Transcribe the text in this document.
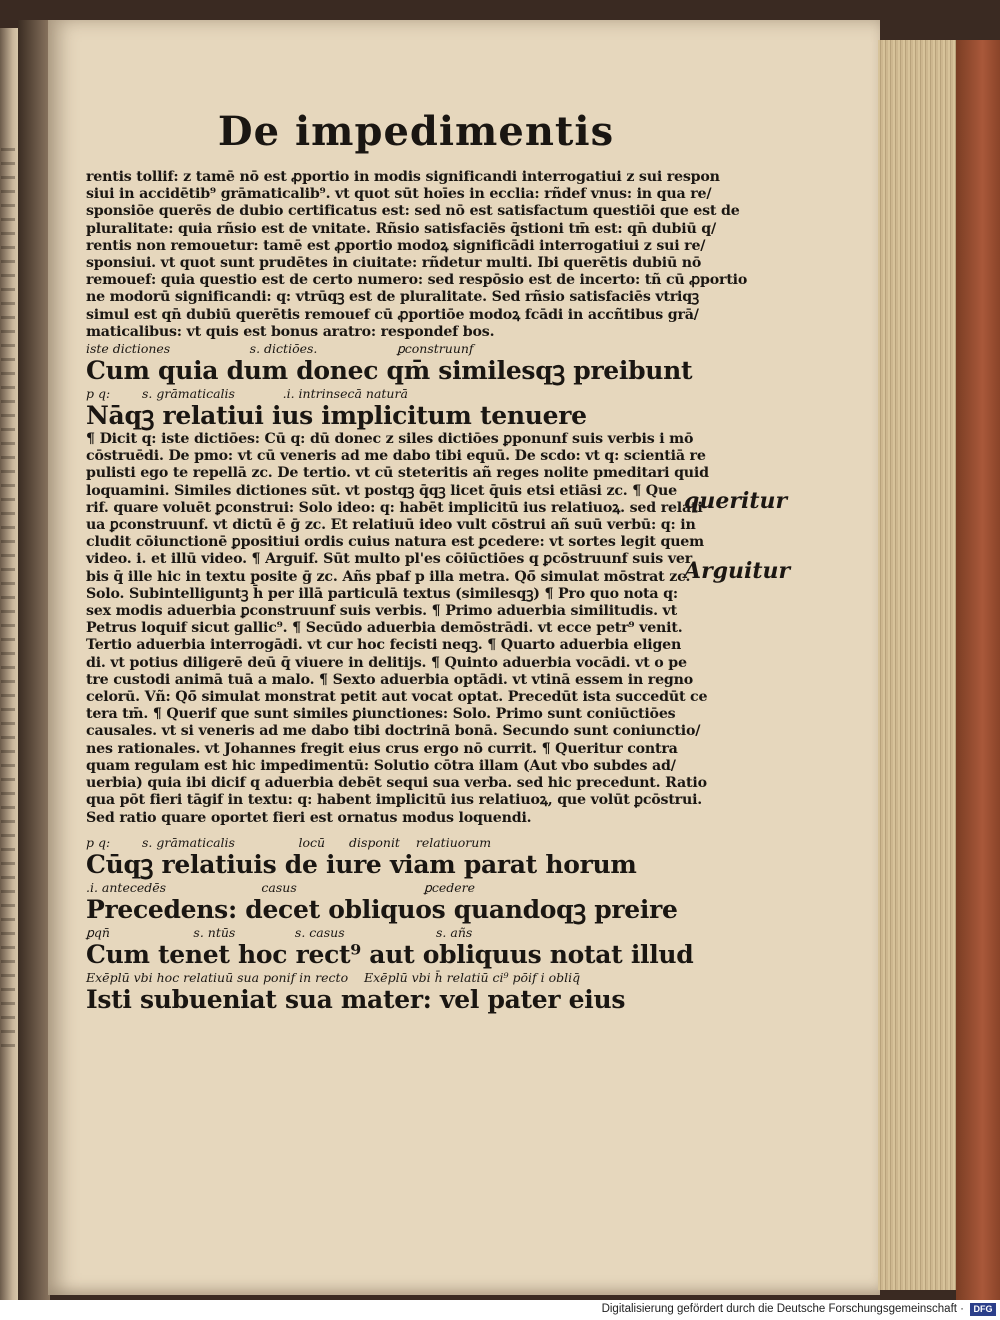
De impedimentis

rentis tollif: z tamē nō est ꝓportio in modis significandi interrogatiui z sui respon

siui in accidētib⁹ grāmaticalib⁹. vt quot sūt hoīes in ecclia: rñdef vnus: in qua re/

sponsiōe querēs de dubio certificatus est: sed nō est satisfactum questiōi que est de

pluralitate: quia rñsio est de vnitate. Rñsio satisfaciēs q̄stioni tm̄ est: qn̄ dubiū q/

rentis non remouetur: tamē est ꝓportio modoꝝ significādi interrogatiui z sui re/

sponsiui. vt quot sunt prudētes in ciuitate: rñdetur multi. Ibi querētis dubiū nō

remouef: quia questio est de certo numero: sed respōsio est de incerto: tñ cū ꝓportio

ne modorū significandi: q: vtrūqꝫ est de pluralitate. Sed rñsio satisfaciēs vtriqꝫ

simul est qn̄ dubiū querētis remouef cū ꝓportiōe modoꝝ fcādi in accñtibus grā/

maticalibus: vt quis est bonus aratro: respondef bos.

iste dictiones                    s. dictiōes.                    ꝑconstruunf
Cum quia dum donec qm̄ similesqꝫ preibunt
p q:        s. grāmaticalis            .i. intrinsecā naturā
Nāqꝫ relatiui ius implicitum tenuere

¶ Dicit q: iste dictiōes: Cū q: dū donec z siles dictiōes ꝑponunf suis verbis i mō

cōstruēdi. De pmo: vt cū veneris ad me dabo tibi equū. De scdo: vt q: scientiā re

pulisti ego te repellā zc. De tertio. vt cū steteritis añ reges nolite pmeditari quid

loquamini. Similes dictiones sūt. vt postqꝫ q̄qꝫ licet q̄uis etsi etiāsi zc. ¶ Que

rif. quare voluēt ꝑconstrui: Solo ideo: q: habēt implicitū ius relatiuoꝝ. sed relati

ua ꝑconstruunf. vt dictū ē ḡ zc. Et relatiuū ideo vult cōstrui añ suū verbū: q: in

cludit cōiunctionē ꝑpositiui ordis cuius natura est ꝑcedere: vt sortes legit quem

video. i. et illū video. ¶ Arguif. Sūt multo pl'es cōiūctiōes q ꝑcōstruunf suis ver

bis q̄ ille hic in textu posite ḡ zc. Añs pbaf p illa metra. Qō̄ simulat mōstrat zc.

Solo. Subintelliguntꝫ h̄ per illā particulā textus (similesqꝫ) ¶ Pro quo nota q:

sex modis aduerbia ꝑconstruunf suis verbis. ¶ Primo aduerbia similitudis. vt

Petrus loquif sicut gallic⁹. ¶ Secūdo aduerbia demōstrādi. vt ecce petr⁹ venit.

Tertio aduerbia interrogādi. vt cur hoc fecisti neqꝫ. ¶ Quarto aduerbia eligen

di. vt potius diligerē deū q̄ viuere in delitijs. ¶ Quinto aduerbia vocādi. vt o pe

tre custodi animā tuā a malo. ¶ Sexto aduerbia optādi. vt vtinā essem in regno

celorū. Vñ: Qō̄ simulat monstrat petit aut vocat optat. Precedūt ista succedūt ce

tera tm̄. ¶ Querif que sunt similes ꝑiunctiones: Solo. Primo sunt coniūctiōes

causales. vt si veneris ad me dabo tibi doctrinā bonā. Secundo sunt coniunctio/

nes rationales. vt Johannes fregit eius crus ergo nō currit. ¶ Queritur contra

quam regulam est hic impedimentū: Solutio cōtra illam (Aut vbo subdes ad/

uerbia) quia ibi dicif q aduerbia debēt sequi sua verba. sed hic precedunt. Ratio

qua pōt fieri tāgif in textu: q: habent implicitū ius relatiuoꝝ, que volūt ꝑcōstrui.

Sed ratio quare oportet fieri est ornatus modus loquendi.

p q:        s. grāmaticalis                locū      disponit    relatiuorum
Cūqꝫ relatiuis de iure viam parat horum
.i. antecedēs                        casus                                ꝑcedere
Precedens: decet obliquos quandoqꝫ preire
ꝑqn̄                     s. ntūs               s. casus                       s. añs
Cum tenet hoc rect⁹ aut obliquus notat illud
Exēplū vbi hoc relatiuū sua ponif in recto    Exēplū vbi h̄ relatiū ci⁹ pōif i obliq̄
Isti subueniat sua mater: vel pater eius
queritur
Arguitur
Digitalisierung gefördert durch die Deutsche Forschungsgemeinschaft ·	DFG
